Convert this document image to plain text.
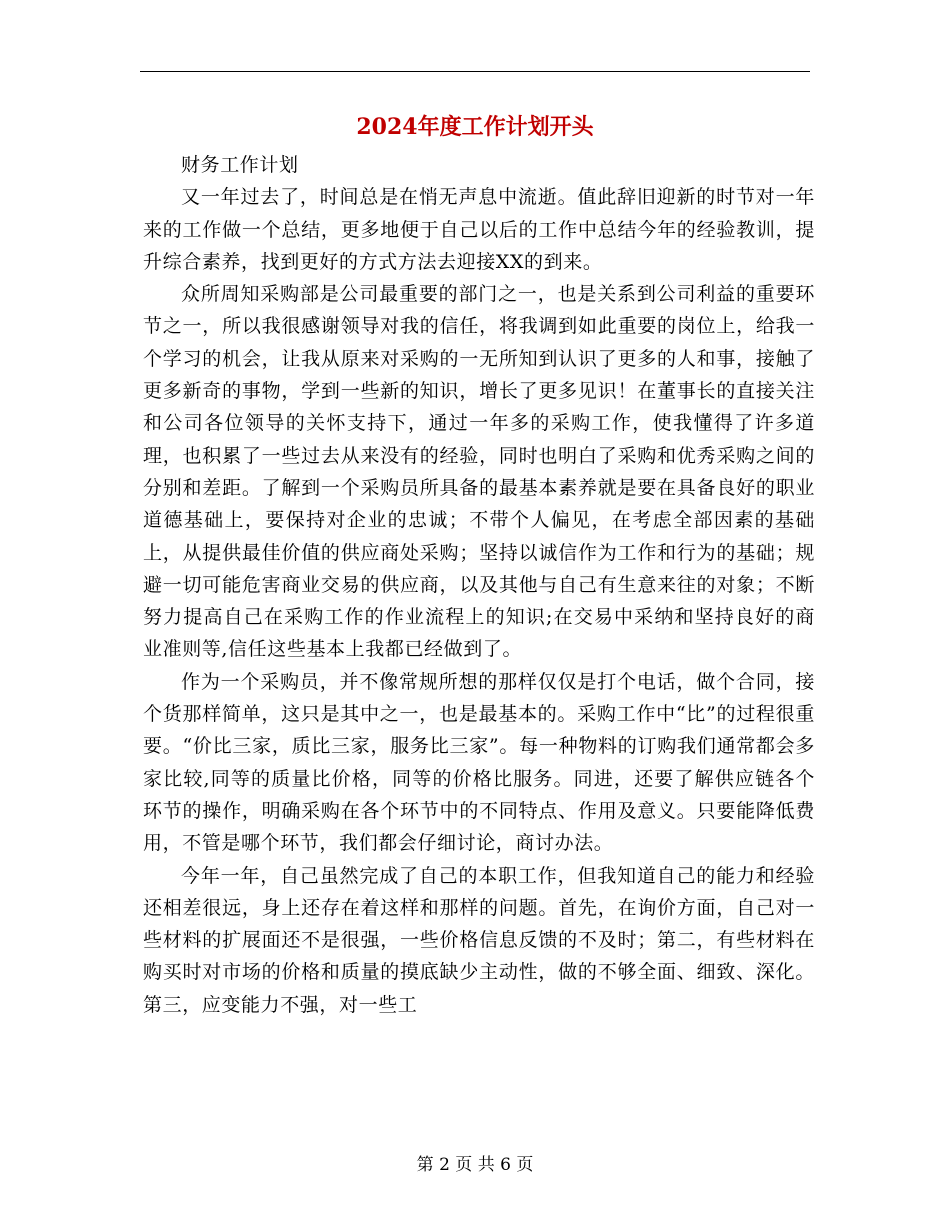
2024年度工作计划开头

财务工作计划

又一年过去了，时间总是在悄无声息中流逝。值此辞旧迎新的时节对一年来的工作做一个总结，更多地便于自己以后的工作中总结今年的经验教训，提升综合素养，找到更好的方式方法去迎接XX的到来。

众所周知采购部是公司最重要的部门之一，也是关系到公司利益的重要环节之一，所以我很感谢领导对我的信任，将我调到如此重要的岗位上，给我一个学习的机会，让我从原来对采购的一无所知到认识了更多的人和事，接触了更多新奇的事物，学到一些新的知识，增长了更多见识！在董事长的直接关注和公司各位领导的关怀支持下，通过一年多的采购工作，使我懂得了许多道理，也积累了一些过去从来没有的经验，同时也明白了采购和优秀采购之间的分别和差距。了解到一个采购员所具备的最基本素养就是要在具备良好的职业道德基础上，要保持对企业的忠诚；不带个人偏见，在考虑全部因素的基础上，从提供最佳价值的供应商处采购；坚持以诚信作为工作和行为的基础；规避一切可能危害商业交易的供应商，以及其他与自己有生意来往的对象；不断努力提高自己在采购工作的作业流程上的知识;在交易中采纳和坚持良好的商业准则等,信任这些基本上我都已经做到了。

作为一个采购员，并不像常规所想的那样仅仅是打个电话，做个合同，接个货那样简单，这只是其中之一，也是最基本的。采购工作中“比”的过程很重要。“价比三家，质比三家，服务比三家”。每一种物料的订购我们通常都会多家比较,同等的质量比价格，同等的价格比服务。同进，还要了解供应链各个环节的操作，明确采购在各个环节中的不同特点、作用及意义。只要能降低费用，不管是哪个环节，我们都会仔细讨论，商讨办法。

今年一年，自己虽然完成了自己的本职工作，但我知道自己的能力和经验还相差很远，身上还存在着这样和那样的问题。首先，在询价方面，自己对一些材料的扩展面还不是很强，一些价格信息反馈的不及时；第二，有些材料在购买时对市场的价格和质量的摸底缺少主动性，做的不够全面、细致、深化。第三，应变能力不强，对一些工

第 2 页 共 6 页
